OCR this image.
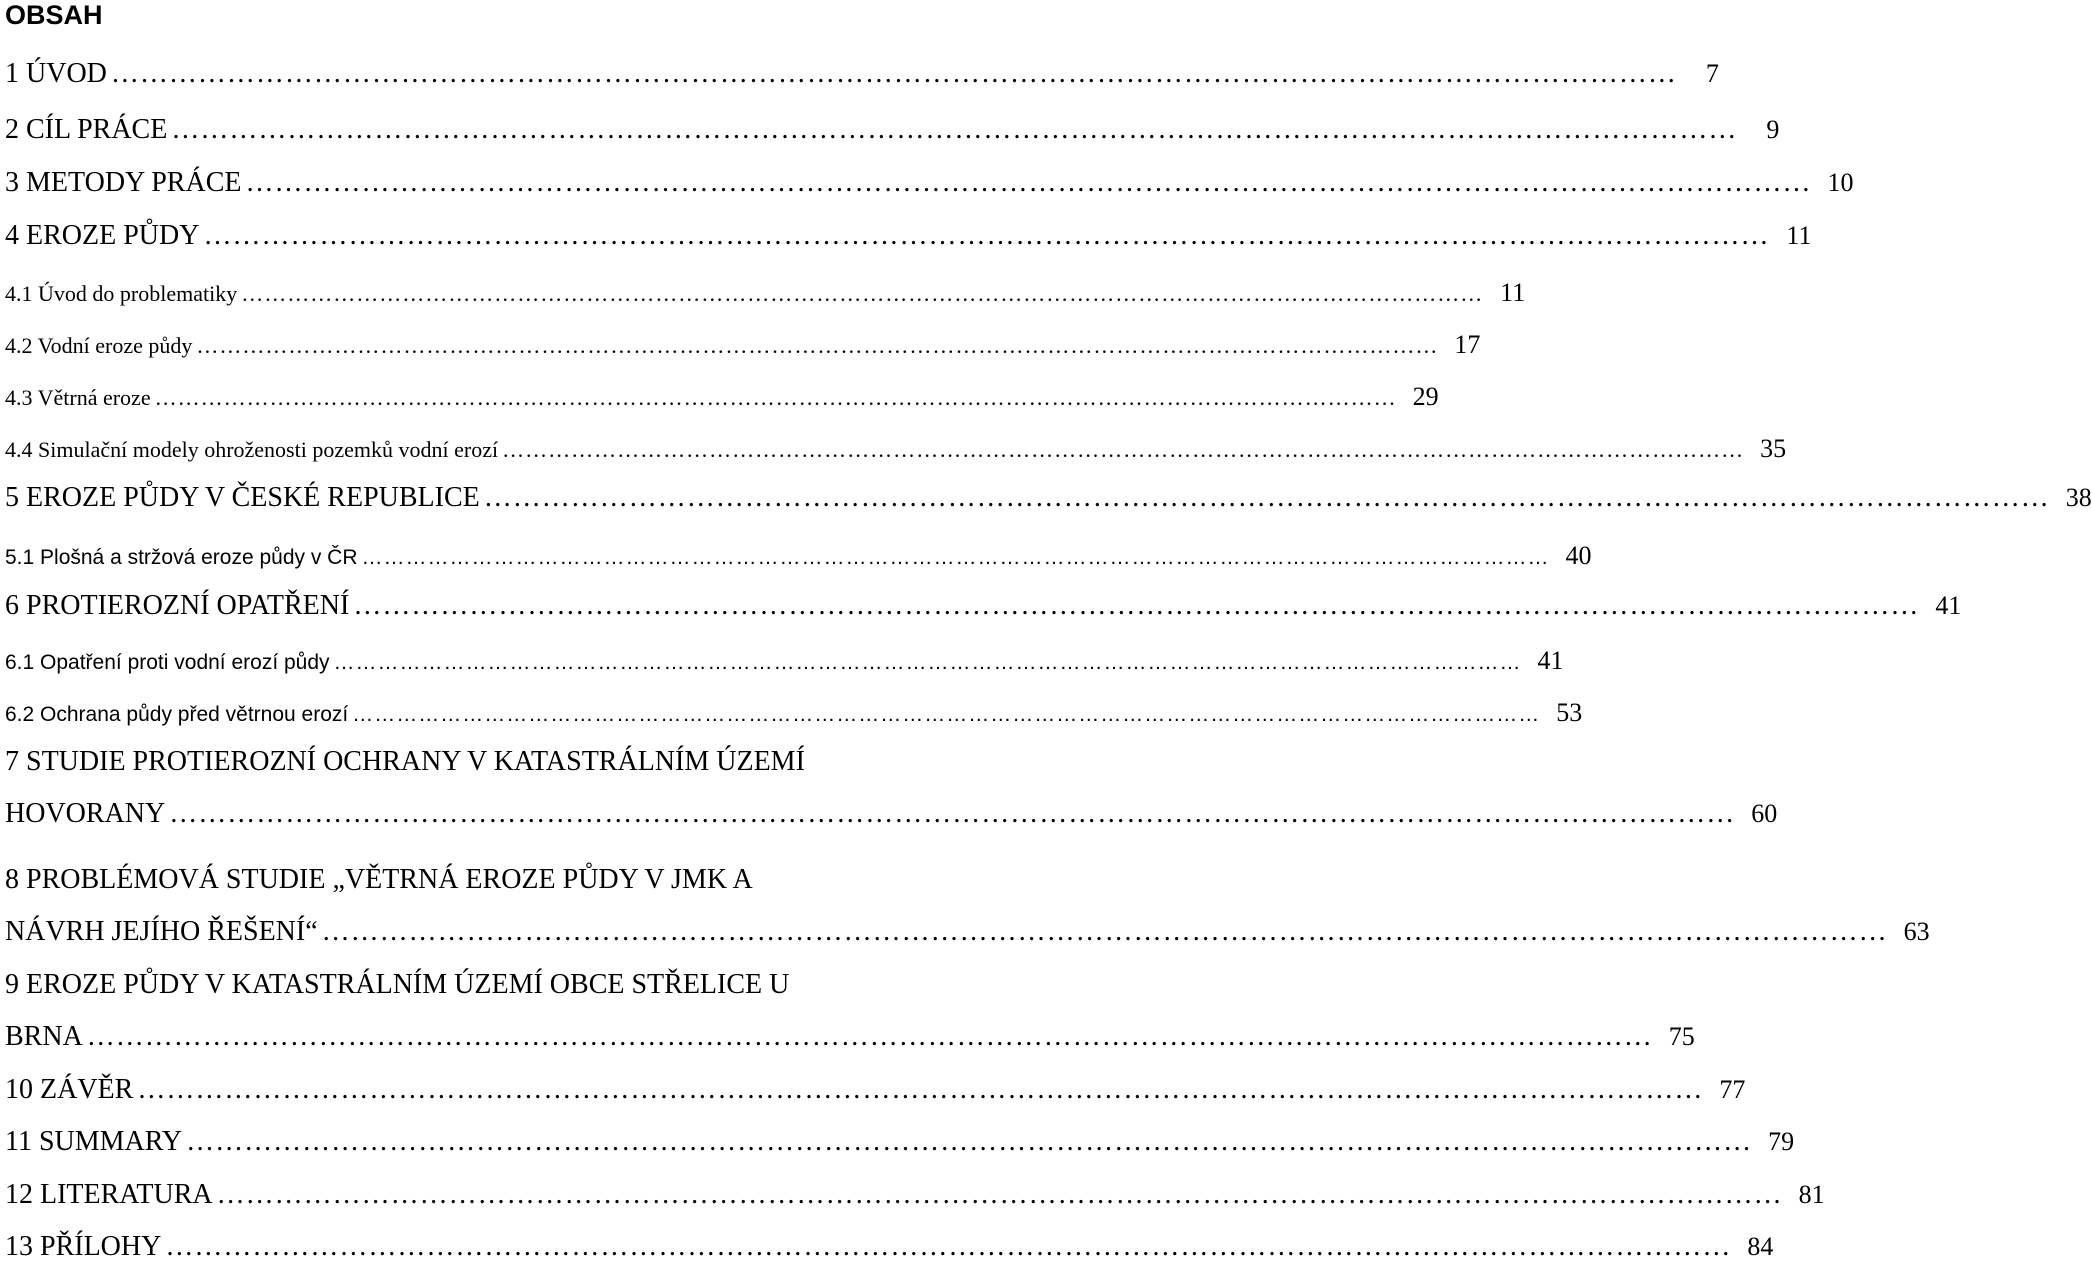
OBSAH
1 ÚVOD ………………………………………………………………………………………………………………………………………………	7
2 CÍL PRÁCE ………………………………………………………………………………………………………………………………………………	9
3 METODY PRÁCE ……………………………………………………………………………………………………………………………………………… 10
4 EROZE PŮDY ……………………………………………………………………………………………………………………………………………… 11
4.1 Úvod do problematiky ……………………………………………………………………………………………………………………………………………… 11
4.2 Vodní eroze půdy ……………………………………………………………………………………………………………………………………………… 17
4.3 Větrná eroze ……………………………………………………………………………………………………………………………………………… 29
4.4 Simulační modely ohroženosti pozemků vodní erozí ……………………………………………………………………………………………………………………………………………… 35
5 EROZE PŮDY V ČESKÉ REPUBLICE ……………………………………………………………………………………………………………………………………………… 38
5.1 Plošná a stržová eroze půdy v ČR ……………………………………………………………………………………………………………………………………………… 40
6 PROTIEROZNÍ OPATŘENÍ ……………………………………………………………………………………………………………………………………………… 41
6.1 Opatření proti vodní erozí půdy ……………………………………………………………………………………………………………………………………………… 41
6.2 Ochrana půdy před větrnou erozí ……………………………………………………………………………………………………………………………………………… 53
7 STUDIE PROTIEROZNÍ OCHRANY V KATASTRÁLNÍM ÚZEMÍ
HOVORANY ……………………………………………………………………………………………………………………………………………… 60
8 PROBLÉMOVÁ STUDIE „VĚTRNÁ EROZE PŮDY V JMK A
NÁVRH JEJÍHO ŘEŠENÍ“ ……………………………………………………………………………………………………………………………………………… 63
9 EROZE PŮDY V KATASTRÁLNÍM ÚZEMÍ OBCE STŘELICE U
BRNA ……………………………………………………………………………………………………………………………………………… 75
10 ZÁVĚR ……………………………………………………………………………………………………………………………………………… 77
11 SUMMARY ……………………………………………………………………………………………………………………………………………… 79
12 LITERATURA ……………………………………………………………………………………………………………………………………………… 81
13 PŘÍLOHY ……………………………………………………………………………………………………………………………………………… 84
